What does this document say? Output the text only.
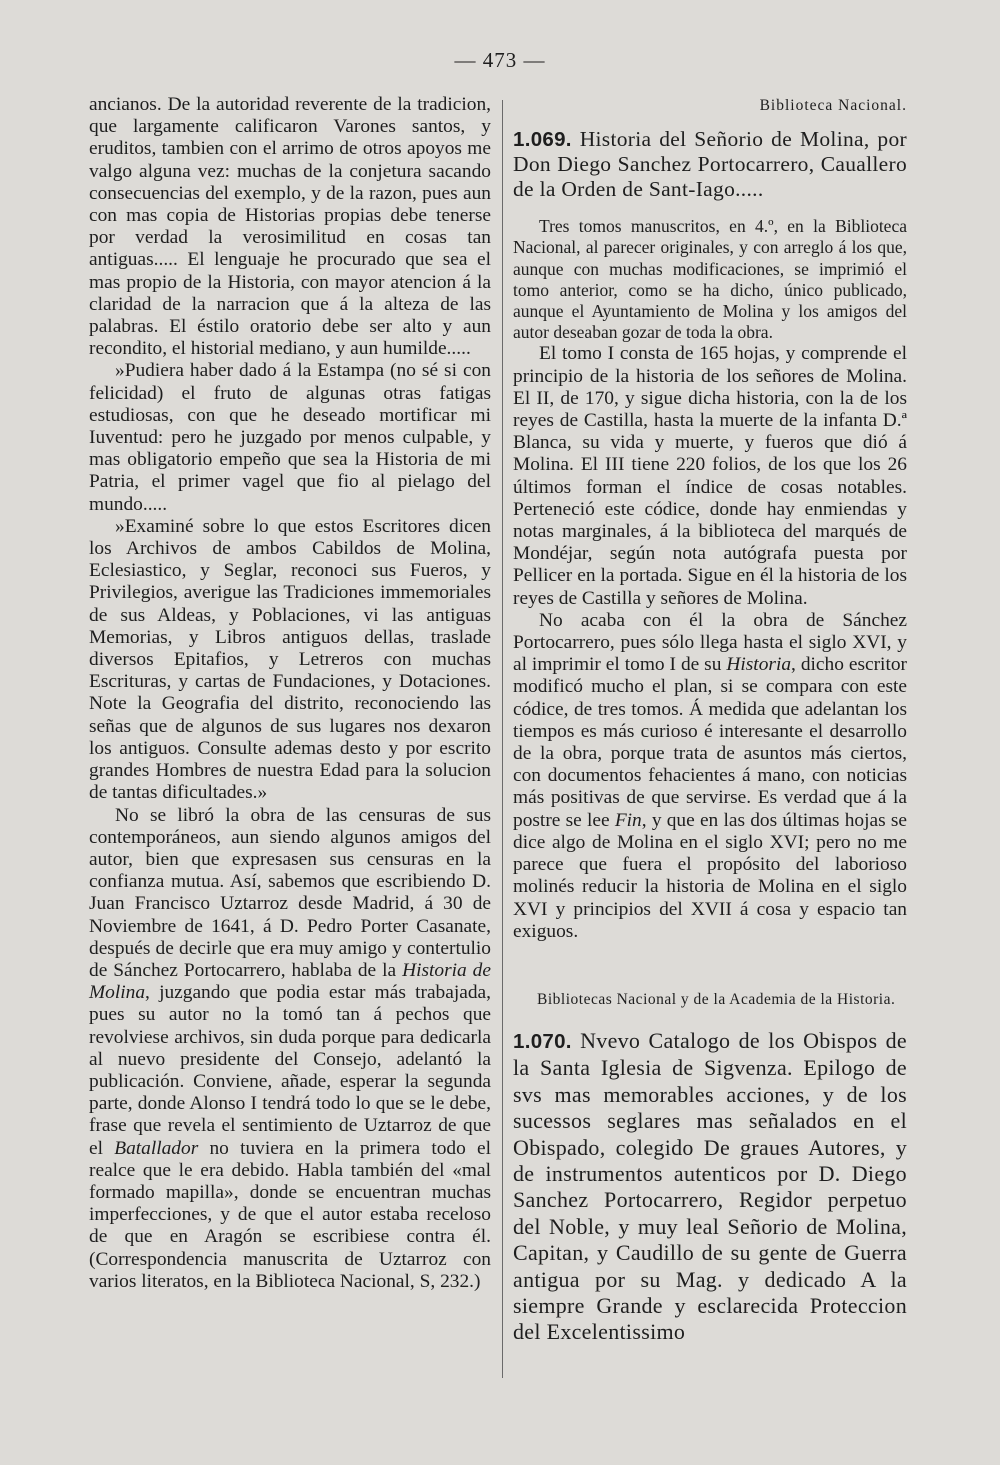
— 473 —

ancianos. De la autoridad reverente de la tradicion, que largamente calificaron Varones santos, y eruditos, tambien con el arrimo de otros apoyos me valgo alguna vez: muchas de la conjetura sacando consecuencias del exemplo, y de la razon, pues aun con mas copia de Historias propias debe tenerse por verdad la verosimilitud en cosas tan antiguas..... El lenguaje he procurado que sea el mas propio de la Historia, con mayor atencion á la claridad de la narracion que á la alteza de las palabras. El éstilo oratorio debe ser alto y aun recondito, el historial mediano, y aun humilde.....

»Pudiera haber dado á la Estampa (no sé si con felicidad) el fruto de algunas otras fatigas estudiosas, con que he deseado mortificar mi Iuventud: pero he juzgado por menos culpable, y mas obligatorio empeño que sea la Historia de mi Patria, el primer vagel que fio al pielago del mundo.....

»Examiné sobre lo que estos Escritores dicen los Archivos de ambos Cabildos de Molina, Eclesiastico, y Seglar, reconoci sus Fueros, y Privilegios, averigue las Tradiciones immemoriales de sus Aldeas, y Poblaciones, vi las antiguas Memorias, y Libros antiguos dellas, traslade diversos Epitafios, y Letreros con muchas Escrituras, y cartas de Fundaciones, y Dotaciones. Note la Geografia del distrito, reconociendo las señas que de algunos de sus lugares nos dexaron los antiguos. Consulte ademas desto y por escrito grandes Hombres de nuestra Edad para la solucion de tantas dificultades.»

No se libró la obra de las censuras de sus contemporáneos, aun siendo algunos amigos del autor, bien que expresasen sus censuras en la confianza mutua. Así, sabemos que escribiendo D. Juan Francisco Uztarroz desde Madrid, á 30 de Noviembre de 1641, á D. Pedro Porter Casanate, después de decirle que era muy amigo y contertulio de Sánchez Portocarrero, hablaba de la Historia de Molina, juzgando que podia estar más trabajada, pues su autor no la tomó tan á pechos que revolviese archivos, sin duda porque para dedicarla al nuevo presidente del Consejo, adelantó la publicación. Conviene, añade, esperar la segunda parte, donde Alonso I tendrá todo lo que se le debe, frase que revela el sentimiento de Uztarroz de que el Batallador no tuviera en la primera todo el realce que le era debido. Habla también del «mal formado mapilla», donde se encuentran muchas imperfecciones, y de que el autor estaba receloso de que en Aragón se escribiese contra él. (Correspondencia manuscrita de Uztarroz con varios literatos, en la Biblioteca Nacional, S, 232.)

Biblioteca Nacional.

1.069. Historia del Señorio de Molina, por Don Diego Sanchez Portocarrero, Cauallero de la Orden de Sant-Iago.....

Tres tomos manuscritos, en 4.º, en la Biblioteca Nacional, al parecer originales, y con arreglo á los que, aunque con muchas modificaciones, se imprimió el tomo anterior, como se ha dicho, único publicado, aunque el Ayuntamiento de Molina y los amigos del autor deseaban gozar de toda la obra.

El tomo I consta de 165 hojas, y comprende el principio de la historia de los señores de Molina. El II, de 170, y sigue dicha historia, con la de los reyes de Castilla, hasta la muerte de la infanta D.ª Blanca, su vida y muerte, y fueros que dió á Molina. El III tiene 220 folios, de los que los 26 últimos forman el índice de cosas notables. Perteneció este códice, donde hay enmiendas y notas marginales, á la biblioteca del marqués de Mondéjar, según nota autógrafa puesta por Pellicer en la portada. Sigue en él la historia de los reyes de Castilla y señores de Molina.

No acaba con él la obra de Sánchez Portocarrero, pues sólo llega hasta el siglo XVI, y al imprimir el tomo I de su Historia, dicho escritor modificó mucho el plan, si se compara con este códice, de tres tomos. Á medida que adelantan los tiempos es más curioso é interesante el desarrollo de la obra, porque trata de asuntos más ciertos, con documentos fehacientes á mano, con noticias más positivas de que servirse. Es verdad que á la postre se lee Fin, y que en las dos últimas hojas se dice algo de Molina en el siglo XVI; pero no me parece que fuera el propósito del laborioso molinés reducir la historia de Molina en el siglo XVI y principios del XVII á cosa y espacio tan exiguos.

Bibliotecas Nacional y de la Academia de la Historia.

1.070. Nvevo Catalogo de los Obispos de la Santa Iglesia de Sigvenza. Epilogo de svs mas memorables acciones, y de los sucessos seglares mas señalados en el Obispado, colegido De graues Autores, y de instrumentos autenticos por D. Diego Sanchez Portocarrero, Regidor perpetuo del Noble, y muy leal Señorio de Molina, Capitan, y Caudillo de su gente de Guerra antigua por su Mag. y dedicado A la siempre Grande y esclarecida Proteccion del Excelentissimo
